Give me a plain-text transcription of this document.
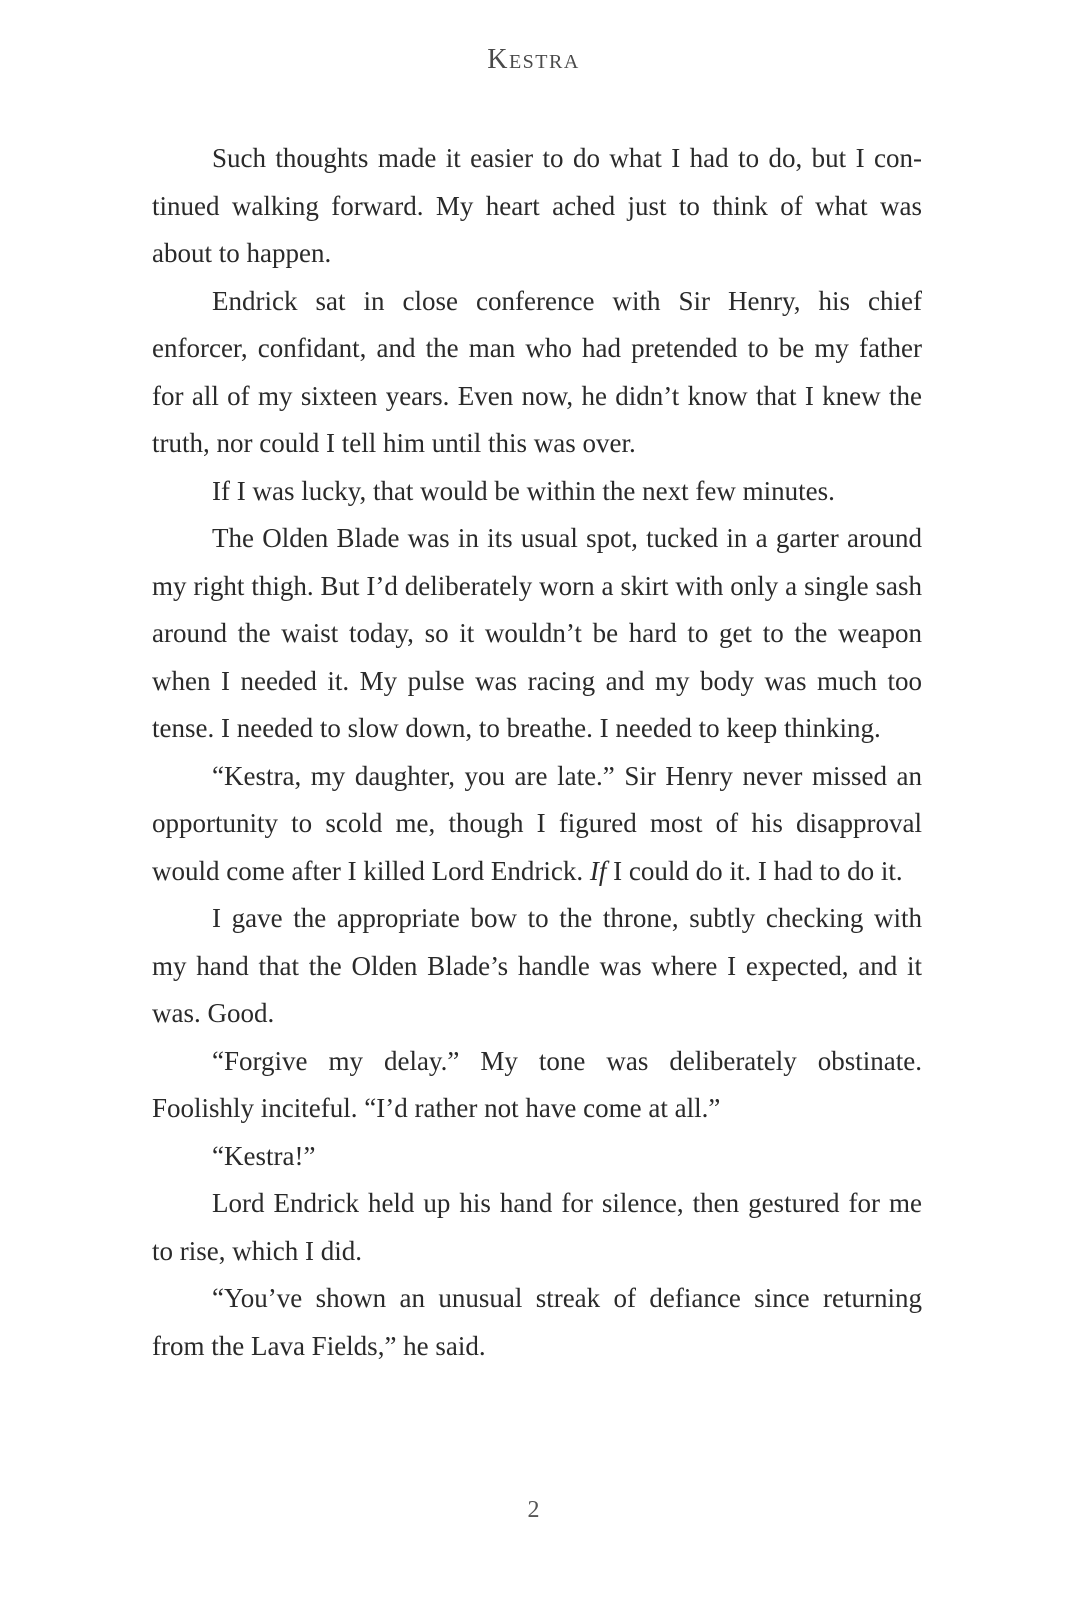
Kestra

Such thoughts made it easier to do what I had to do, but I continued walking forward. My heart ached just to think of what was about to happen.

Endrick sat in close conference with Sir Henry, his chief enforcer, confidant, and the man who had pretended to be my father for all of my sixteen years. Even now, he didn’t know that I knew the truth, nor could I tell him until this was over.

If I was lucky, that would be within the next few minutes.

The Olden Blade was in its usual spot, tucked in a garter around my right thigh. But I’d deliberately worn a skirt with only a single sash around the waist today, so it wouldn’t be hard to get to the weapon when I needed it. My pulse was racing and my body was much too tense. I needed to slow down, to breathe. I needed to keep thinking.

“Kestra, my daughter, you are late.” Sir Henry never missed an opportunity to scold me, though I figured most of his disapproval would come after I killed Lord Endrick. If I could do it. I had to do it.

I gave the appropriate bow to the throne, subtly checking with my hand that the Olden Blade’s handle was where I expected, and it was. Good.

“Forgive my delay.” My tone was deliberately obstinate. Foolishly inciteful. “I’d rather not have come at all.”

“Kestra!”

Lord Endrick held up his hand for silence, then gestured for me to rise, which I did.

“You’ve shown an unusual streak of defiance since returning from the Lava Fields,” he said.

2
